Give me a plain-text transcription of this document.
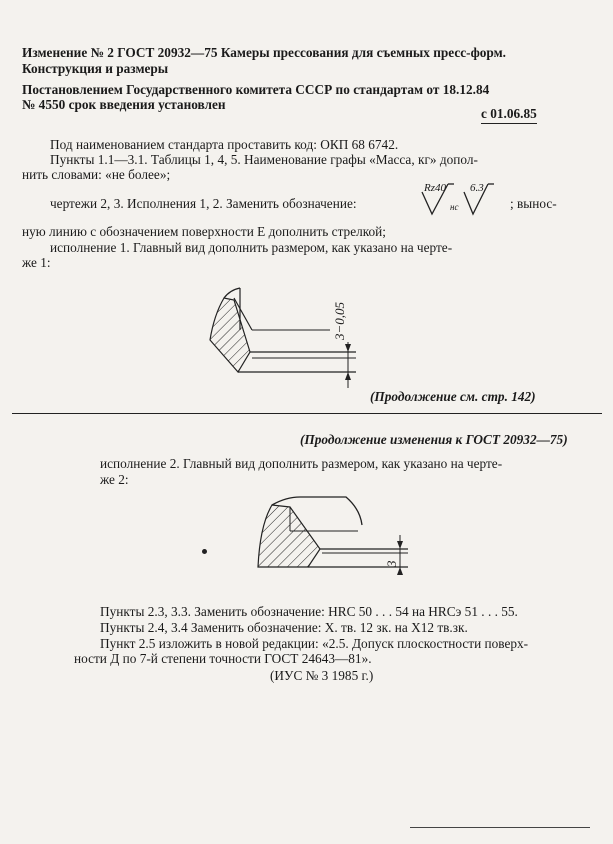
Изменение № 2 ГОСТ 20932—75 Камеры прессования для съемных пресс-форм.
Конструкция и размеры
Постановлением Государственного комитета СССР по стандартам от 18.12.84
№ 4550 срок введения установлен
с 01.06.85
Под наименованием стандарта проставить код: ОКП 68 6742.
Пункты 1.1—3.1. Таблицы 1, 4, 5. Наименование графы «Масса, кг» допол-
нить словами: «не более»;
чертежи 2, 3. Исполнения 1, 2. Заменить обозначение:
Rz40
нс
6.3
; вынос-
ную линию с обозначением поверхности Е дополнить стрелкой;
исполнение 1. Главный вид дополнить размером, как указано на черте-
же 1:
3−0,05
(Продолжение см. стр. 142)
(Продолжение изменения к ГОСТ 20932—75)
исполнение 2. Главный вид дополнить размером, как указано на черте-
же 2:
3
Пункты 2.3, 3.3. Заменить обозначение: HRC 50 . . . 54 на HRCэ 51 . . . 55.
Пункты 2.4, 3.4 Заменить обозначение: Х. тв. 12 зк. на Х12 тв.зк.
Пункт 2.5 изложить в новой редакции: «2.5. Допуск плоскостности поверх-
ности Д по 7-й степени точности ГОСТ 24643—81».
(ИУС № 3 1985 г.)
